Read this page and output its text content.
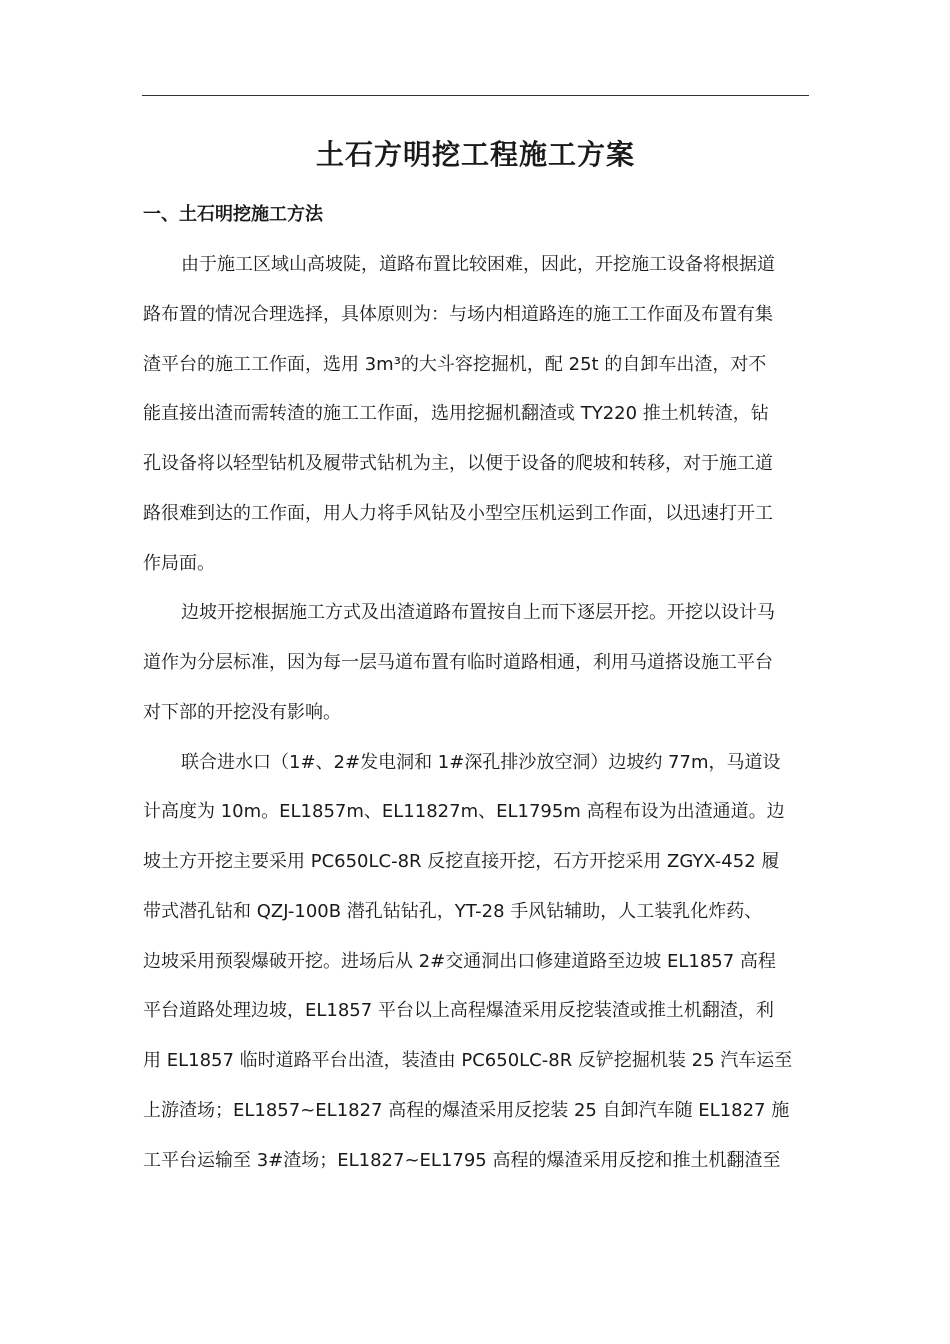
土石方明挖工程施工方案
一、土石明挖施工方法
由于施工区域山高坡陡，道路布置比较困难，因此，开挖施工设备将根据道
路布置的情况合理选择，具体原则为：与场内相道路连的施工工作面及布置有集
渣平台的施工工作面，选用 3m³的大斗容挖掘机，配 25t 的自卸车出渣，对不
能直接出渣而需转渣的施工工作面，选用挖掘机翻渣或 TY220 推土机转渣，钻
孔设备将以轻型钻机及履带式钻机为主，以便于设备的爬坡和转移，对于施工道
路很难到达的工作面，用人力将手风钻及小型空压机运到工作面，以迅速打开工
作局面。
边坡开挖根据施工方式及出渣道路布置按自上而下逐层开挖。开挖以设计马
道作为分层标准，因为每一层马道布置有临时道路相通，利用马道搭设施工平台
对下部的开挖没有影响。
联合进水口（1#、2#发电洞和 1#深孔排沙放空洞）边坡约 77m，马道设
计高度为 10m。EL1857m、EL11827m、EL1795m 高程布设为出渣通道。边
坡土方开挖主要采用 PC650LC-8R 反挖直接开挖，石方开挖采用 ZGYX-452 履
带式潜孔钻和 QZJ-100B 潜孔钻钻孔，YT-28 手风钻辅助，人工装乳化炸药、
边坡采用预裂爆破开挖。进场后从 2#交通洞出口修建道路至边坡 EL1857 高程
平台道路处理边坡，EL1857 平台以上高程爆渣采用反挖装渣或推土机翻渣，利
用 EL1857 临时道路平台出渣，装渣由 PC650LC-8R 反铲挖掘机装 25 汽车运至
上游渣场；EL1857~EL1827 高程的爆渣采用反挖装 25 自卸汽车随 EL1827 施
工平台运输至 3#渣场；EL1827~EL1795 高程的爆渣采用反挖和推土机翻渣至
